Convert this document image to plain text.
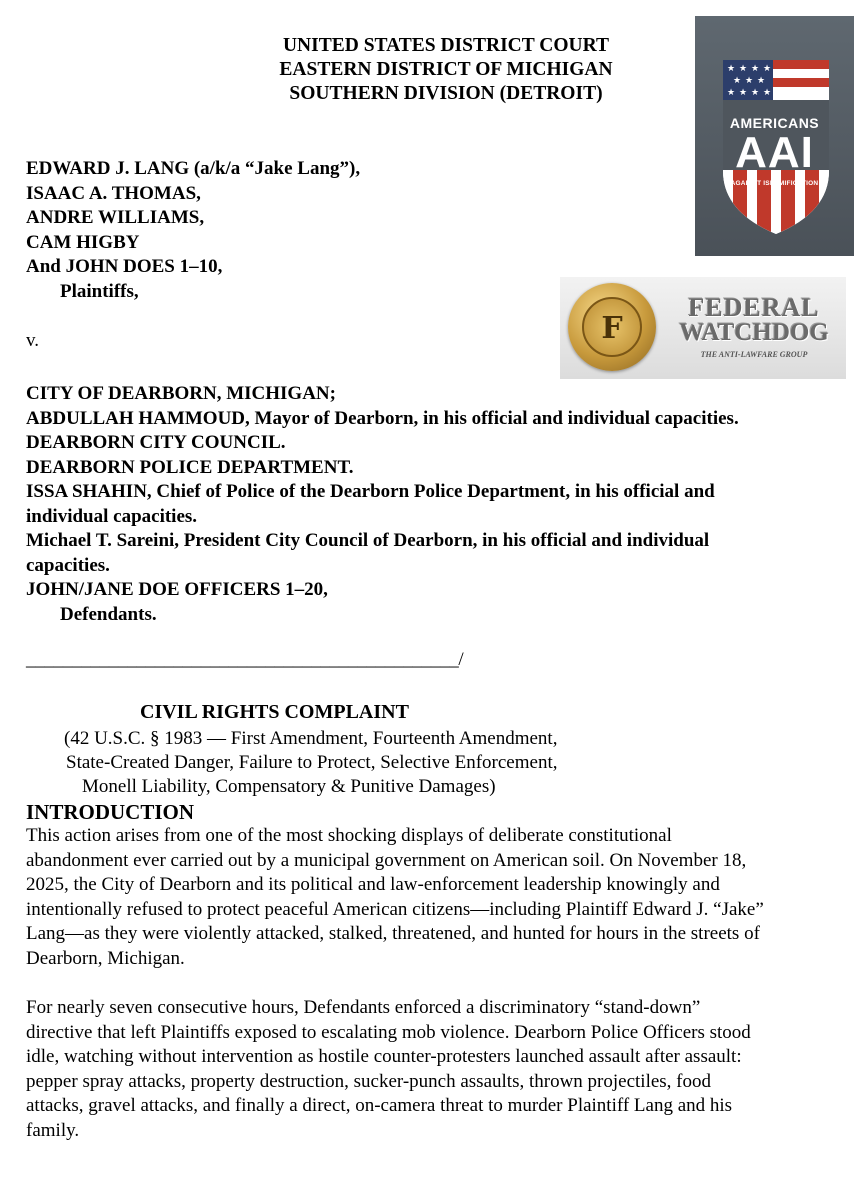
UNITED STATES DISTRICT COURT
EASTERN DISTRICT OF MICHIGAN
SOUTHERN DIVISION (DETROIT)
★ ★ ★ ★
★ ★ ★
★ ★ ★ ★
AMERICANS
AAI
AGAINST ISLAMIFICATION
EDWARD J. LANG (a/k/a “Jake Lang”),
ISAAC A. THOMAS,
ANDRE WILLIAMS,
CAM HIGBY
And JOHN DOES 1–10,
Plaintiffs,
F
FEDERAL
WATCHDOG
THE ANTI-LAWFARE GROUP
v.
CITY OF DEARBORN, MICHIGAN;
ABDULLAH HAMMOUD, Mayor of Dearborn, in his official and individual capacities.
DEARBORN CITY COUNCIL.
DEARBORN POLICE DEPARTMENT.
ISSA SHAHIN, Chief of Police of the Dearborn Police Department, in his official and
individual capacities.
Michael T. Sareini, President City Council of Dearborn, in his official and individual
capacities.
JOHN/JANE DOE OFFICERS 1–20,
Defendants.
_______________________________________________/
CIVIL RIGHTS COMPLAINT
(42 U.S.C. § 1983 — First Amendment, Fourteenth Amendment,
State-Created Danger, Failure to Protect, Selective Enforcement,
Monell Liability, Compensatory & Punitive Damages)
INTRODUCTION
This action arises from one of the most shocking displays of deliberate constitutional
abandonment ever carried out by a municipal government on American soil. On November 18,
2025, the City of Dearborn and its political and law-enforcement leadership knowingly and
intentionally refused to protect peaceful American citizens—including Plaintiff Edward J. “Jake”
Lang—as they were violently attacked, stalked, threatened, and hunted for hours in the streets of
Dearborn, Michigan.
For nearly seven consecutive hours, Defendants enforced a discriminatory “stand-down”
directive that left Plaintiffs exposed to escalating mob violence. Dearborn Police Officers stood
idle, watching without intervention as hostile counter-protesters launched assault after assault:
pepper spray attacks, property destruction, sucker-punch assaults, thrown projectiles, food
attacks, gravel attacks, and finally a direct, on-camera threat to murder Plaintiff Lang and his
family.
